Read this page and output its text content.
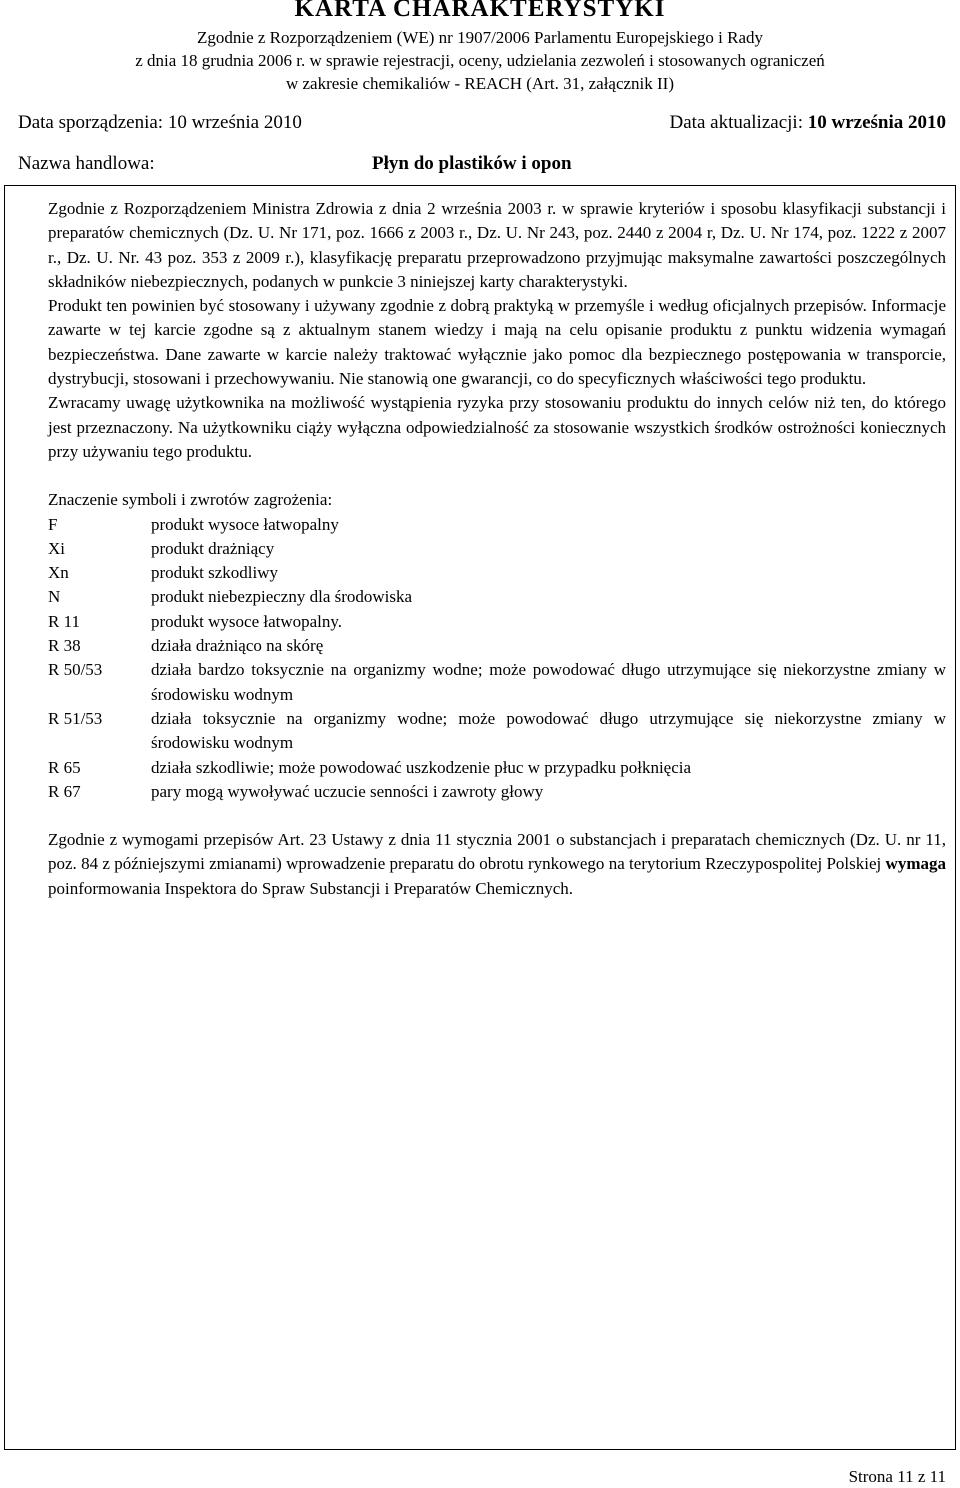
KARTA CHARAKTERYSTYKI
Zgodnie z Rozporządzeniem (WE) nr 1907/2006 Parlamentu Europejskiego i Rady
z dnia 18 grudnia 2006 r. w sprawie rejestracji, oceny, udzielania zezwoleń i stosowanych ograniczeń
w zakresie chemikaliów - REACH (Art. 31, załącznik II)
Data sporządzenia: 10 września 2010	Data aktualizacji: 10 września 2010
Nazwa handlowa:	Płyn do plastików i opon

Zgodnie z Rozporządzeniem Ministra Zdrowia z dnia 2 września 2003 r. w sprawie kryteriów i sposobu klasyfikacji substancji i preparatów chemicznych (Dz. U. Nr 171, poz. 1666 z 2003 r., Dz. U. Nr 243, poz. 2440 z 2004 r, Dz. U. Nr 174, poz. 1222 z 2007 r., Dz. U. Nr. 43 poz. 353 z 2009 r.), klasyfikację preparatu przeprowadzono przyjmując maksymalne zawartości poszczególnych składników niebezpiecznych, podanych w punkcie 3 niniejszej karty charakterystyki.

Produkt ten powinien być stosowany i używany zgodnie z dobrą praktyką w przemyśle i według oficjalnych przepisów. Informacje zawarte w tej karcie zgodne są z aktualnym stanem wiedzy i mają na celu opisanie produktu z punktu widzenia wymagań bezpieczeństwa. Dane zawarte w karcie należy traktować wyłącznie jako pomoc dla bezpiecznego postępowania w transporcie, dystrybucji, stosowani i przechowywaniu. Nie stanowią one gwarancji, co do specyficznych właściwości tego produktu.

Zwracamy uwagę użytkownika na możliwość wystąpienia ryzyka przy stosowaniu produktu do innych celów niż ten, do którego jest przeznaczony. Na użytkowniku ciąży wyłączna odpowiedzialność za stosowanie wszystkich środków ostrożności koniecznych przy używaniu tego produktu.

Znaczenie symboli i zwrotów zagrożenia:

F	produkt wysoce łatwopalny
Xi	produkt drażniący
Xn	produkt szkodliwy
N	produkt niebezpieczny dla środowiska
R 11	produkt wysoce łatwopalny.
R 38	działa drażniąco na skórę
R 50/53	działa bardzo toksycznie na organizmy wodne; może powodować długo utrzymujące się niekorzystne zmiany w środowisku wodnym
R 51/53	działa toksycznie na organizmy wodne; może powodować długo utrzymujące się niekorzystne zmiany w środowisku wodnym
R 65	działa szkodliwie; może powodować uszkodzenie płuc w przypadku połknięcia
R 67	pary mogą wywoływać uczucie senności i zawroty głowy

Zgodnie z wymogami przepisów Art. 23 Ustawy z dnia 11 stycznia 2001 o substancjach i preparatach chemicznych (Dz. U. nr 11, poz. 84 z późniejszymi zmianami) wprowadzenie preparatu do obrotu rynkowego na terytorium Rzeczypospolitej Polskiej wymaga poinformowania Inspektora do Spraw Substancji i Preparatów Chemicznych.

Strona 11 z 11
